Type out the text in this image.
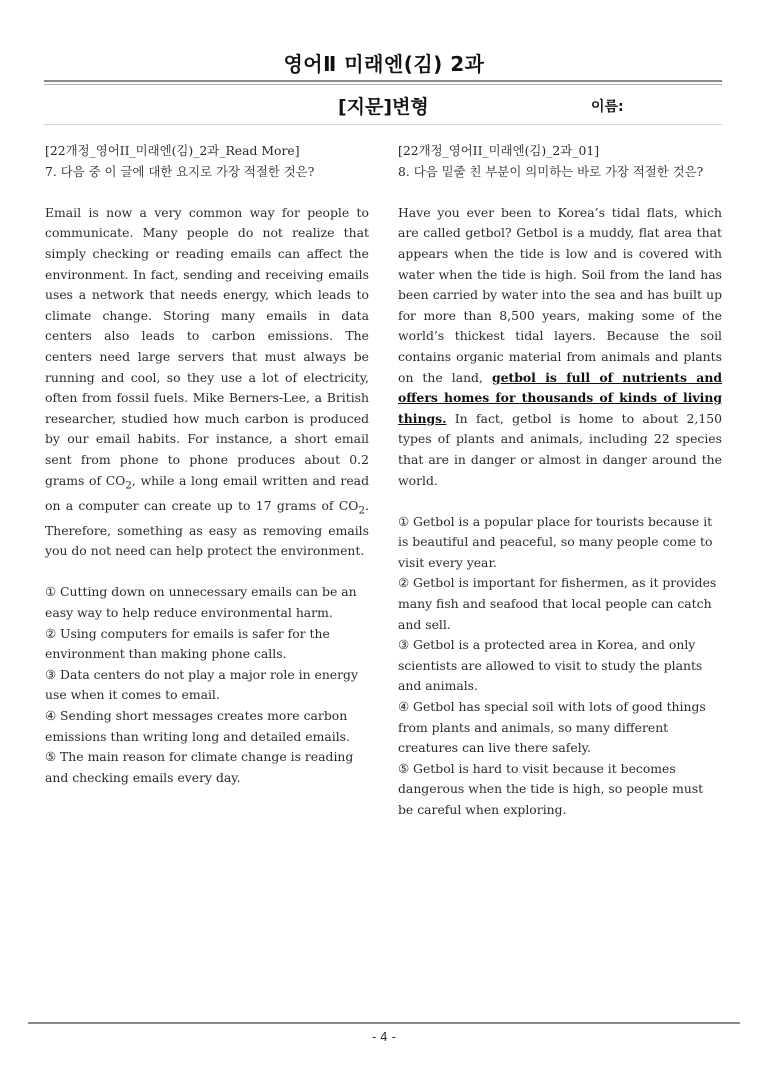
영어Ⅱ 미래엔(김) 2과
[지문]변형	이름:

[22개정_영어II_미래엔(김)_2과_Read More]

7. 다음 중 이 글에 대한 요지로 가장 적절한 것은?

Email is now a very common way for people to communicate. Many people do not realize that simply checking or reading emails can affect the environment. In fact, sending and receiving emails uses a network that needs energy, which leads to climate change. Storing many emails in data centers also leads to carbon emissions. The centers need large servers that must always be running and cool, so they use a lot of electricity, often from fossil fuels. Mike Berners-Lee, a British researcher, studied how much carbon is produced by our email habits. For instance, a short email sent from phone to phone produces about 0.2 grams of $CO_2$, while a long email written and read on a computer can create up to 17 grams of $CO_2$. Therefore, something as easy as removing emails you do not need can help protect the environment.

① Cutting down on unnecessary emails can be an easy way to help reduce environmental harm.

② Using computers for emails is safer for the environment than making phone calls.

③ Data centers do not play a major role in energy use when it comes to email.

④ Sending short messages creates more carbon emissions than writing long and detailed emails.

⑤ The main reason for climate change is reading and checking emails every day.

[22개정_영어II_미래엔(김)_2과_01]

8. 다음 밑줄 친 부분이 의미하는 바로 가장 적절한 것은?

Have you ever been to Korea’s tidal flats, which are called getbol? Getbol is a muddy, flat area that appears when the tide is low and is covered with water when the tide is high. Soil from the land has been carried by water into the sea and has built up for more than 8,500 years, making some of the world’s thickest tidal layers. Because the soil contains organic material from animals and plants on the land, getbol is full of nutrients and offers homes for thousands of kinds of living things. In fact, getbol is home to about 2,150 types of plants and animals, including 22 species that are in danger or almost in danger around the world.

① Getbol is a popular place for tourists because it is beautiful and peaceful, so many people come to visit every year.

② Getbol is important for fishermen, as it provides many fish and seafood that local people can catch and sell.

③ Getbol is a protected area in Korea, and only scientists are allowed to visit to study the plants and animals.

④ Getbol has special soil with lots of good things from plants and animals, so many different creatures can live there safely.

⑤ Getbol is hard to visit because it becomes dangerous when the tide is high, so people must be careful when exploring.

- 4 -
